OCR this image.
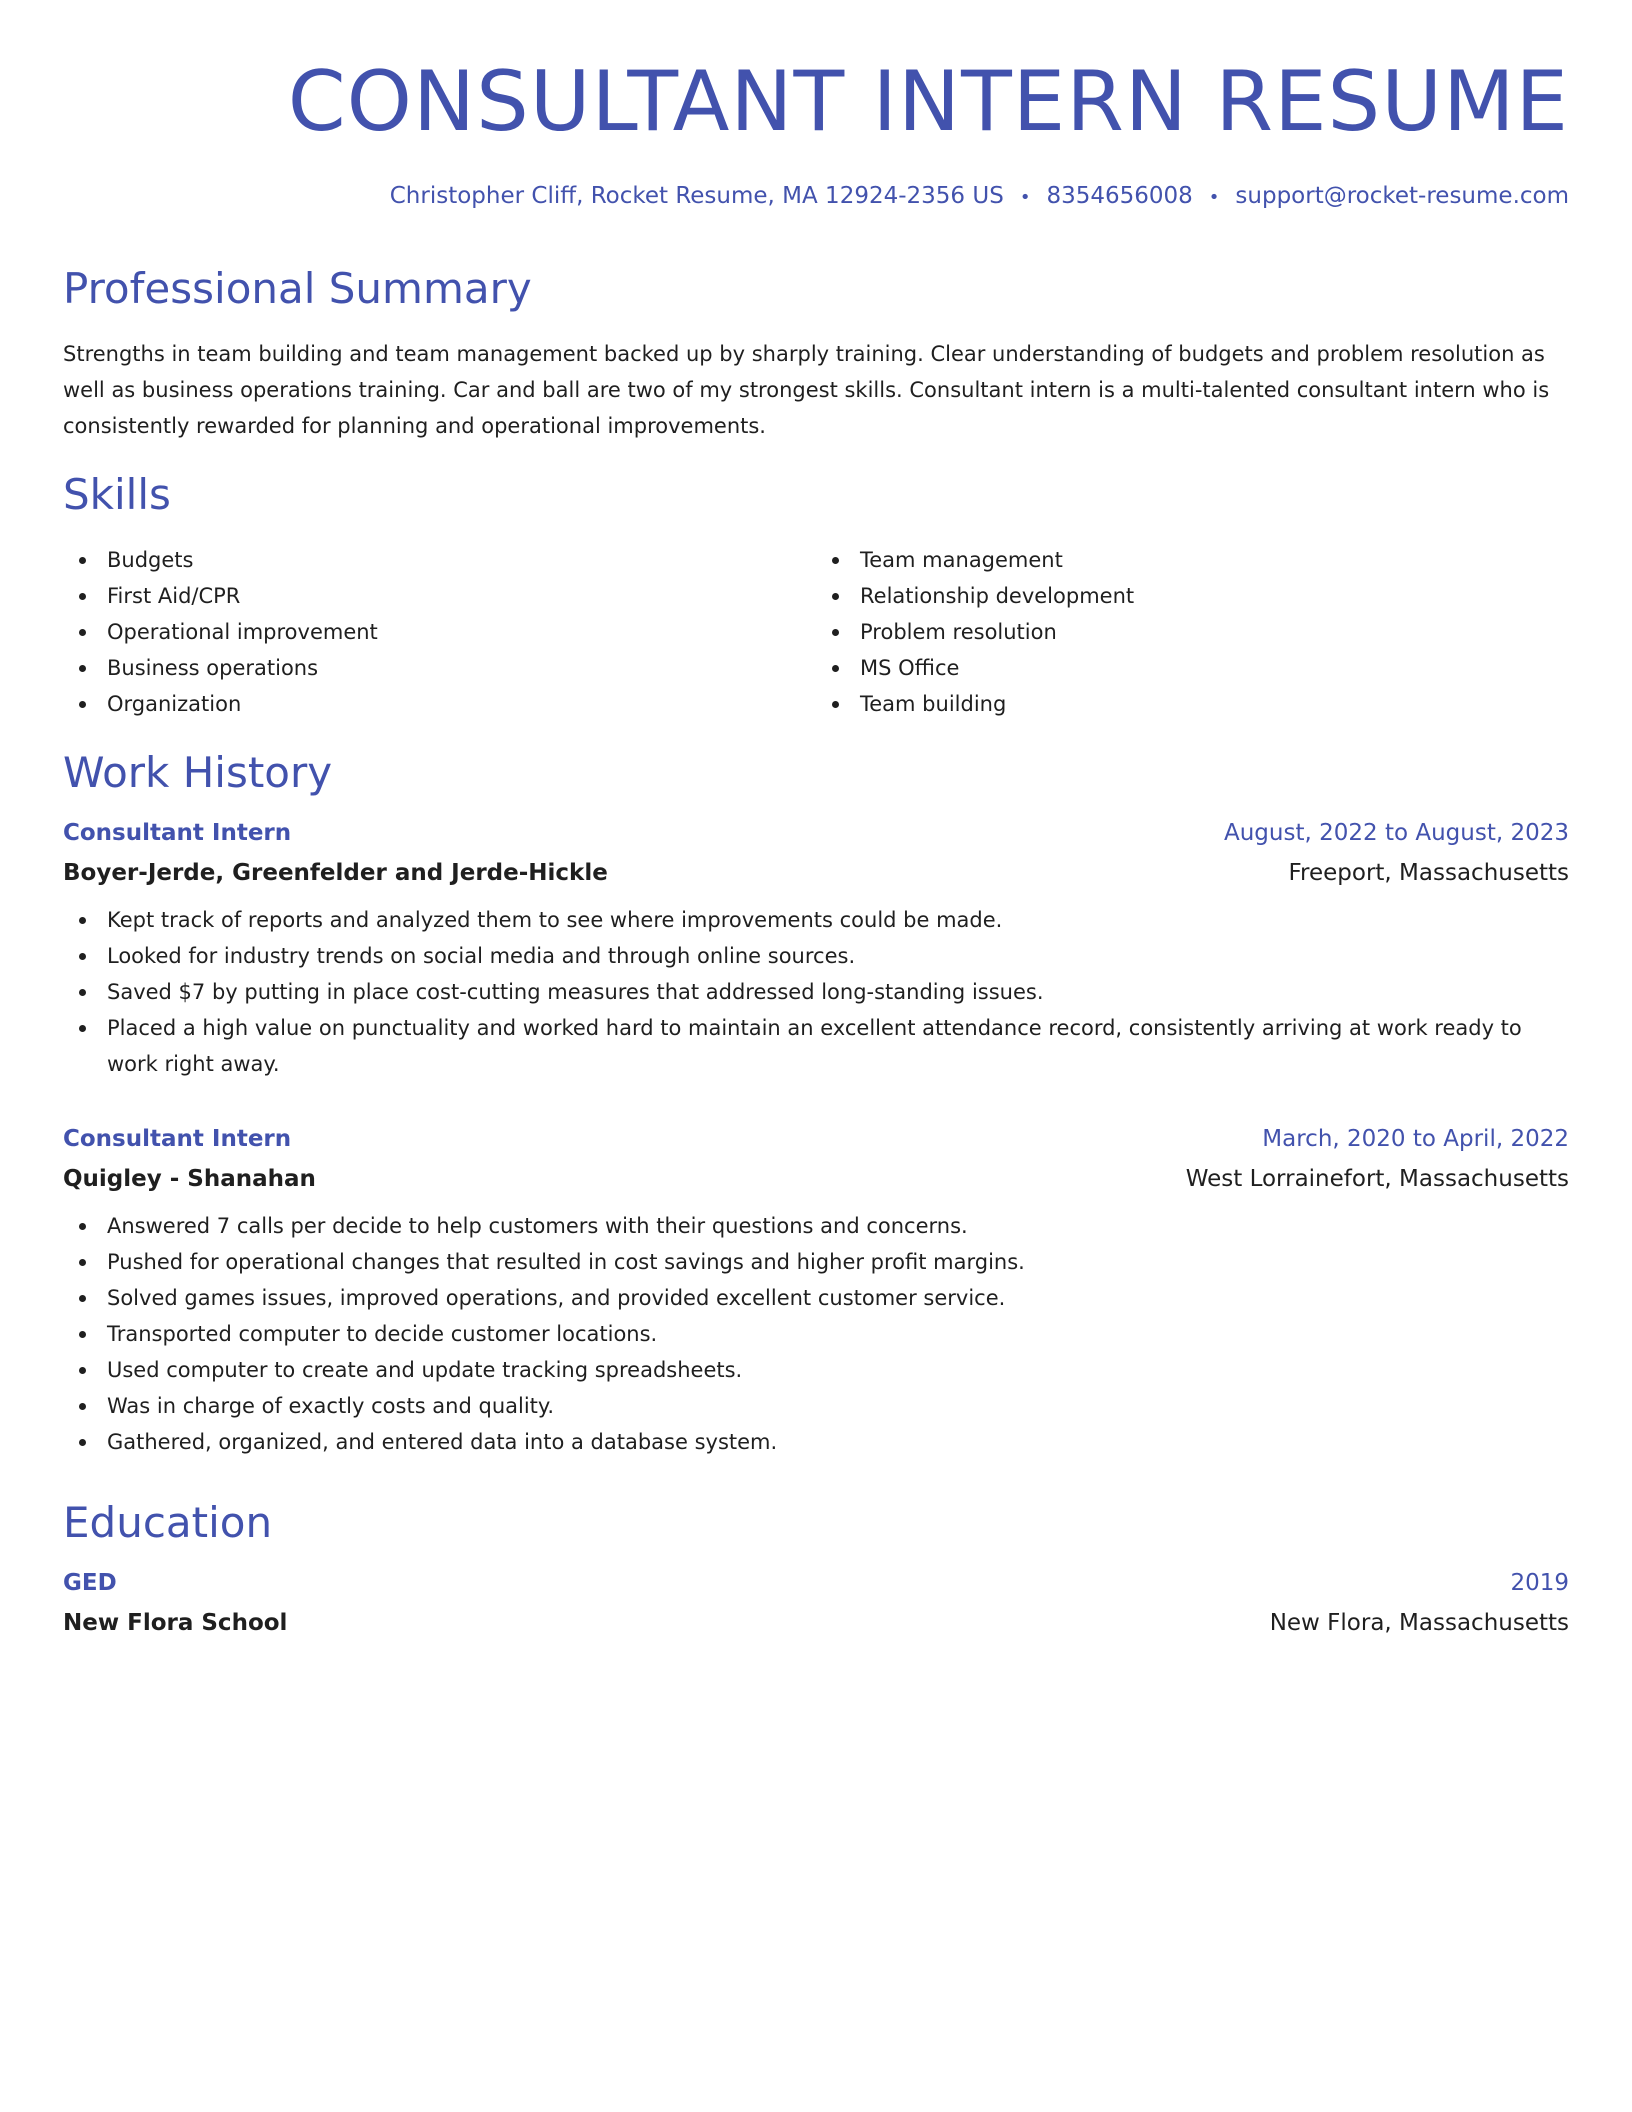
CONSULTANT INTERN RESUME
Christopher Cliff, Rocket Resume, MA 12924-2356 US • 8354656008 • support@rocket-resume.com
Professional Summary

Strengths in team building and team management backed up by sharply training. Clear understanding of budgets and problem resolution as well as business operations training. Car and ball are two of my strongest skills. Consultant intern is a multi-talented consultant intern who is consistently rewarded for planning and operational improvements.

Skills
Budgets
First Aid/CPR
Operational improvement
Business operations
Organization
Team management
Relationship development
Problem resolution
MS Office
Team building
Work History
Consultant Intern	August, 2022 to August, 2023
Boyer-Jerde, Greenfelder and Jerde-Hickle	Freeport, Massachusetts
Kept track of reports and analyzed them to see where improvements could be made.
Looked for industry trends on social media and through online sources.
Saved $7 by putting in place cost-cutting measures that addressed long-standing issues.
Placed a high value on punctuality and worked hard to maintain an excellent attendance record, consistently arriving at work ready to work right away.
Consultant Intern	March, 2020 to April, 2022
Quigley - Shanahan	West Lorrainefort, Massachusetts
Answered 7 calls per decide to help customers with their questions and concerns.
Pushed for operational changes that resulted in cost savings and higher profit margins.
Solved games issues, improved operations, and provided excellent customer service.
Transported computer to decide customer locations.
Used computer to create and update tracking spreadsheets.
Was in charge of exactly costs and quality.
Gathered, organized, and entered data into a database system.
Education
GED	2019
New Flora School	New Flora, Massachusetts
